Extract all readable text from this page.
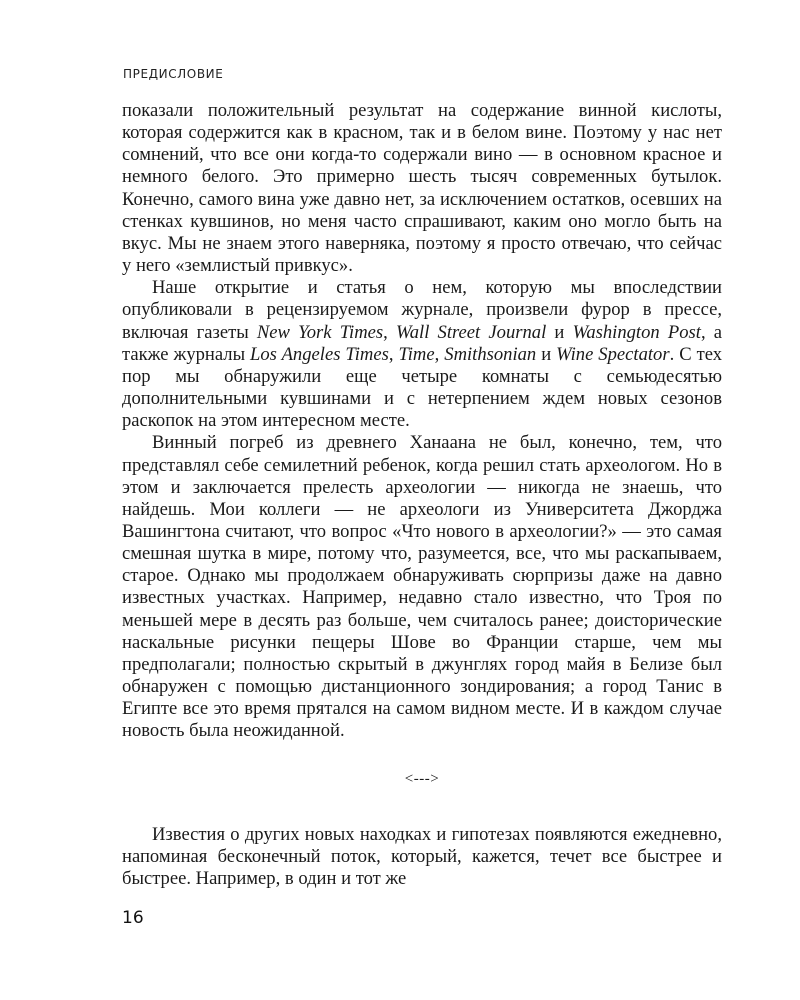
ПРЕДИСЛОВИЕ

показали положительный результат на содержание винной кислоты, которая содержится как в красном, так и в белом вине. Поэтому у нас нет сомнений, что все они когда-то содержали вино — в основном красное и немного белого. Это примерно шесть тысяч современных бутылок. Конечно, самого вина уже давно нет, за исключением остатков, осевших на стенках кувшинов, но меня часто спрашивают, каким оно могло быть на вкус. Мы не знаем этого наверняка, поэтому я просто отвечаю, что сейчас у него «землистый привкус».

Наше открытие и статья о нем, которую мы впоследствии опубликовали в рецензируемом журнале, произвели фурор в прессе, включая газеты New York Times, Wall Street Journal и Washington Post, а также журналы Los Angeles Times, Time, Smithsonian и Wine Spectator. С тех пор мы обнаружили еще четыре комнаты с семьюдесятью дополнительными кувшинами и с нетерпением ждем новых сезонов раскопок на этом интересном месте.

Винный погреб из древнего Ханаана не был, конечно, тем, что представлял себе семилетний ребенок, когда решил стать археологом. Но в этом и заключается прелесть археологии — никогда не знаешь, что найдешь. Мои коллеги — не археологи из Университета Джорджа Вашингтона считают, что вопрос «Что нового в археологии?» — это самая смешная шутка в мире, потому что, разумеется, все, что мы раскапываем, старое. Однако мы продолжаем обнаруживать сюрпризы даже на давно известных участках. Например, недавно стало известно, что Троя по меньшей мере в десять раз больше, чем считалось ранее; доисторические наскальные рисунки пещеры Шове во Франции старше, чем мы предполагали; полностью скрытый в джунглях город майя в Белизе был обнаружен с помощью дистанционного зондирования; а город Танис в Египте все это время прятался на самом видном месте. И в каждом случае новость была неожиданной.

<--->

Известия о других новых находках и гипотезах появляются ежедневно, напоминая бесконечный поток, который, кажется, течет все быстрее и быстрее. Например, в один и тот же

16
